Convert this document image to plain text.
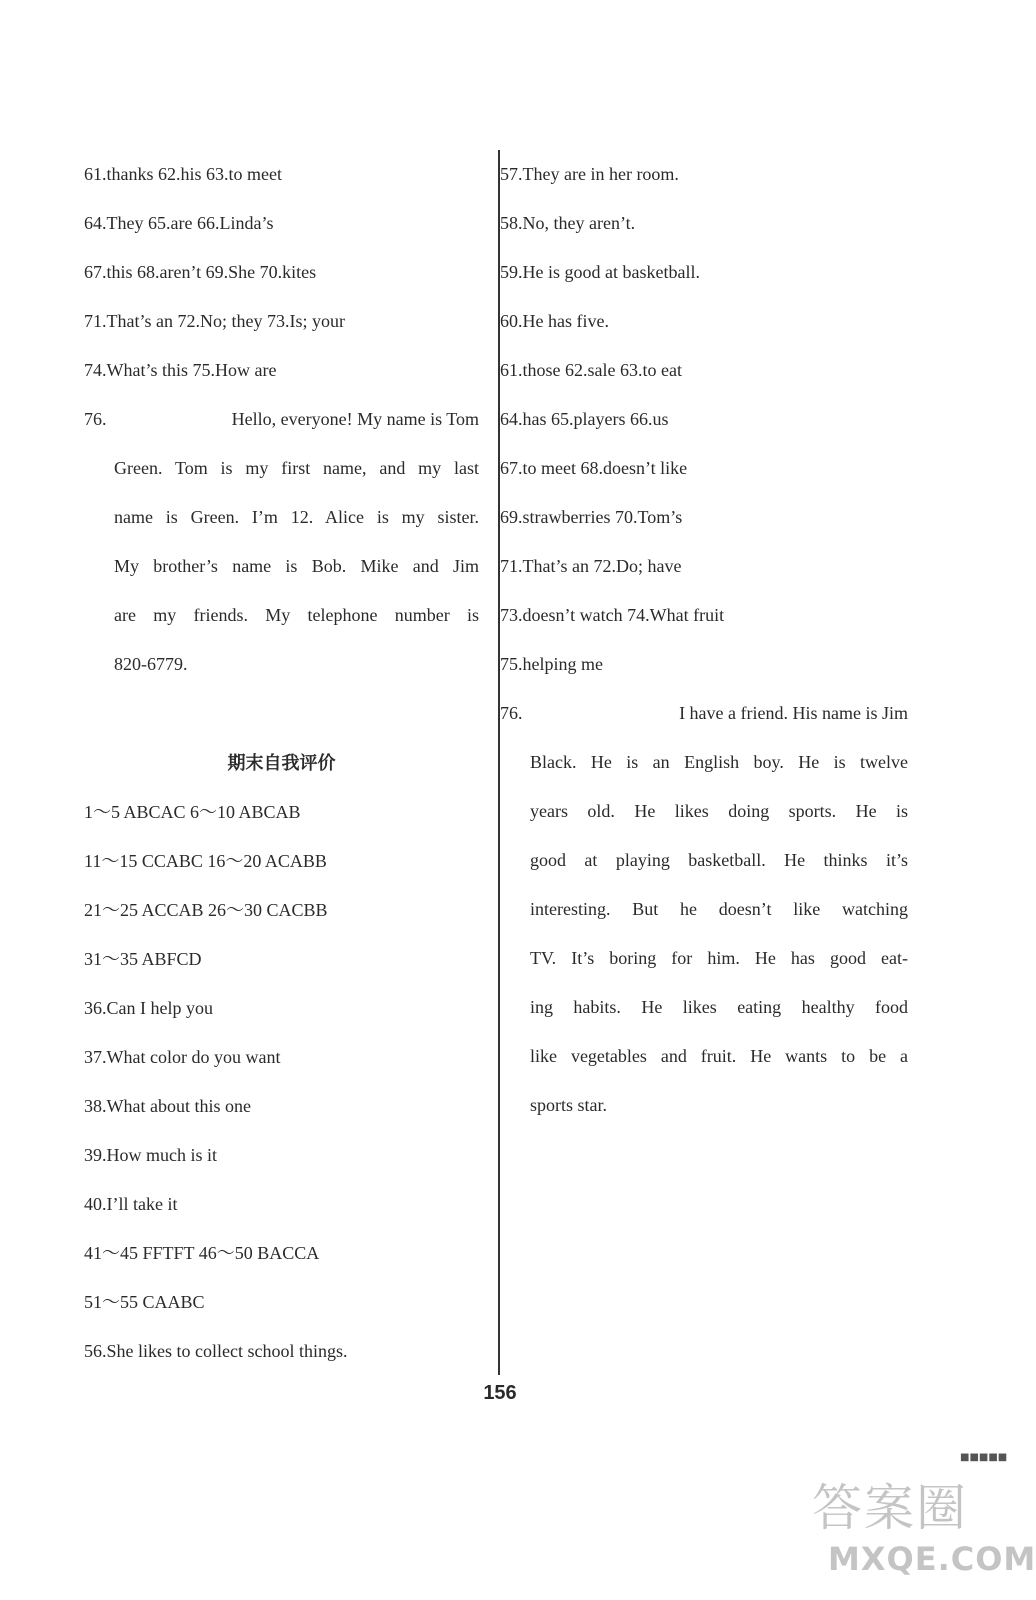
61.thanks 62.his 63.to meet
64.They 65.are 66.Linda’s
67.this 68.aren’t 69.She 70.kites
71.That’s an 72.No; they 73.Is; your
74.What’s this 75.How are
76.	Hello, everyone! My name is Tom
Green. Tom is my first name, and my last
name is Green. I’m 12. Alice is my sister.
My brother’s name is Bob. Mike and Jim
are my friends. My telephone number is
820-6779.
期末自我评价
1～5 ABCAC 6～10 ABCAB
11～15 CCABC 16～20 ACABB
21～25 ACCAB 26～30 CACBB
31～35 ABFCD
36.Can I help you
37.What color do you want
38.What about this one
39.How much is it
40.I’ll take it
41～45 FFTFT 46～50 BACCA
51～55 CAABC
56.She likes to collect school things.
57.They are in her room.
58.No, they aren’t.
59.He is good at basketball.
60.He has five.
61.those 62.sale 63.to eat
64.has 65.players 66.us
67.to meet 68.doesn’t like
69.strawberries 70.Tom’s
71.That’s an 72.Do; have
73.doesn’t watch 74.What fruit
75.helping me
76.	I have a friend. His name is Jim
Black. He is an English boy. He is twelve
years old. He likes doing sports. He is
good at playing basketball. He thinks it’s
interesting. But he doesn’t like watching
TV. It’s boring for him. He has good eat-
ing habits. He likes eating healthy food
like vegetables and fruit. He wants to be a
sports star.
156
■■■■■
答案圈
MXQE.COM
